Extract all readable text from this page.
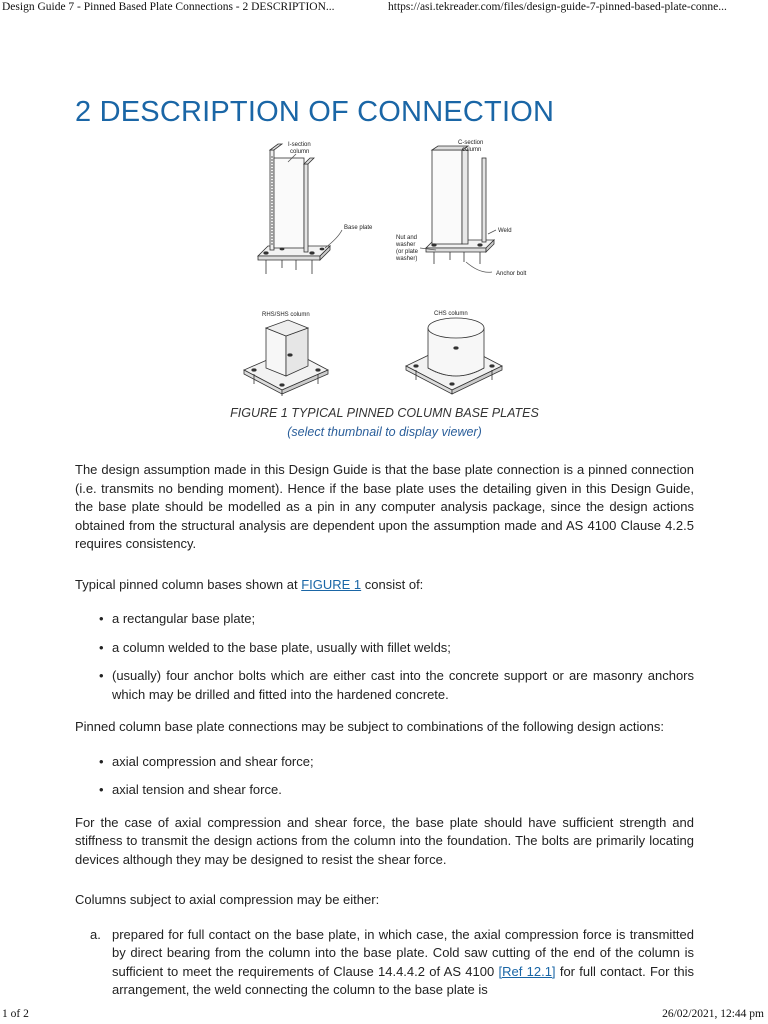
Design Guide 7 - Pinned Based Plate Connections - 2 DESCRIPTION...	https://asi.tekreader.com/files/design-guide-7-pinned-based-plate-conne...
2 DESCRIPTION OF CONNECTION
I-section
column
Base plate
C-section
column
Weld
Nut and
washer
(or plate
washer)
Anchor bolt
RHS/SHS column	CHS column
FIGURE 1 TYPICAL PINNED COLUMN BASE PLATES
(select thumbnail to display viewer)

The design assumption made in this Design Guide is that the base plate connection is a pinned connection (i.e. transmits no bending moment). Hence if the base plate uses the detailing given in this Design Guide, the base plate should be modelled as a pin in any computer analysis package, since the design actions obtained from the structural analysis are dependent upon the assumption made and AS 4100 Clause 4.2.5 requires consistency.

Typical pinned column bases shown at FIGURE 1 consist of:

• a rectangular base plate;
• a column welded to the base plate, usually with fillet welds;
• (usually) four anchor bolts which are either cast into the concrete support or are masonry anchors which may be drilled and fitted into the hardened concrete.

Pinned column base plate connections may be subject to combinations of the following design actions:

• axial compression and shear force;
• axial tension and shear force.

For the case of axial compression and shear force, the base plate should have sufficient strength and stiffness to transmit the design actions from the column into the foundation. The bolts are primarily locating devices although they may be designed to resist the shear force.

Columns subject to axial compression may be either:

a. prepared for full contact on the base plate, in which case, the axial compression force is transmitted by direct bearing from the column into the base plate. Cold saw cutting of the end of the column is sufficient to meet the requirements of Clause 14.4.4.2 of AS 4100 [Ref 12.1] for full contact. For this arrangement, the weld connecting the column to the base plate is
1 of 2	26/02/2021, 12:44 pm
